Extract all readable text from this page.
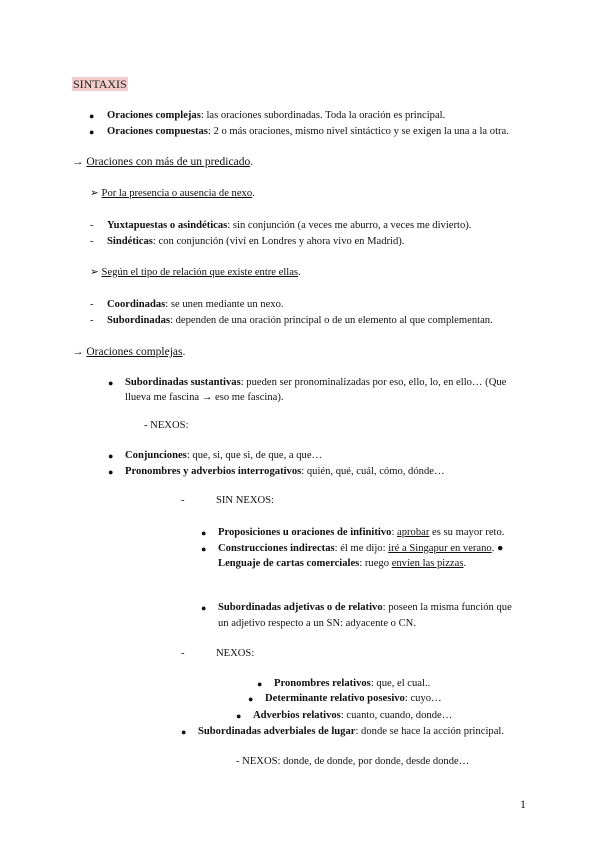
SINTAXIS
● Oraciones complejas: las oraciones subordinadas. Toda la oración es principal.
● Oraciones compuestas: 2 o más oraciones, mismo nivel sintáctico y se exigen la una a la otra.
→ Oraciones con más de un predicado.
➢ Por la presencia o ausencia de nexo.
- Yuxtapuestas o asindéticas: sin conjunción (a veces me aburro, a veces me divierto).
- Sindéticas: con conjunción (viví en Londres y ahora vivo en Madrid).
➢ Según el tipo de relación que existe entre ellas.
- Coordinadas: se unen mediante un nexo.
- Subordinadas: dependen de una oración principal o de un elemento al que complementan.
→ Oraciones complejas.
● Subordinadas sustantivas: pueden ser pronominalizadas por eso, ello, lo, en ello… (Que
llueva me fascina → eso me fascina).
- NEXOS:
● Conjunciones: que, si, que si, de que, a que…
● Pronombres y adverbios interrogativos: quién, qué, cuál, cómo, dónde…
-	SIN NEXOS:
● Proposiciones u oraciones de infinitivo: aprobar es su mayor reto.
● Construcciones indirectas: él me dijo: iré a Singapur en verano. ●
Lenguaje de cartas comerciales: ruego envíen las pizzas.
● Subordinadas adjetivas o de relativo: poseen la misma función que
un adjetivo respecto a un SN: adyacente o CN.
-	NEXOS:
● Pronombres relativos: que, el cual..
● Determinante relativo posesivo: cuyo…
● Adverbios relativos: cuanto, cuando, donde…
● Subordinadas adverbiales de lugar: donde se hace la acción principal.
- NEXOS: donde, de donde, por donde, desde donde…
1
